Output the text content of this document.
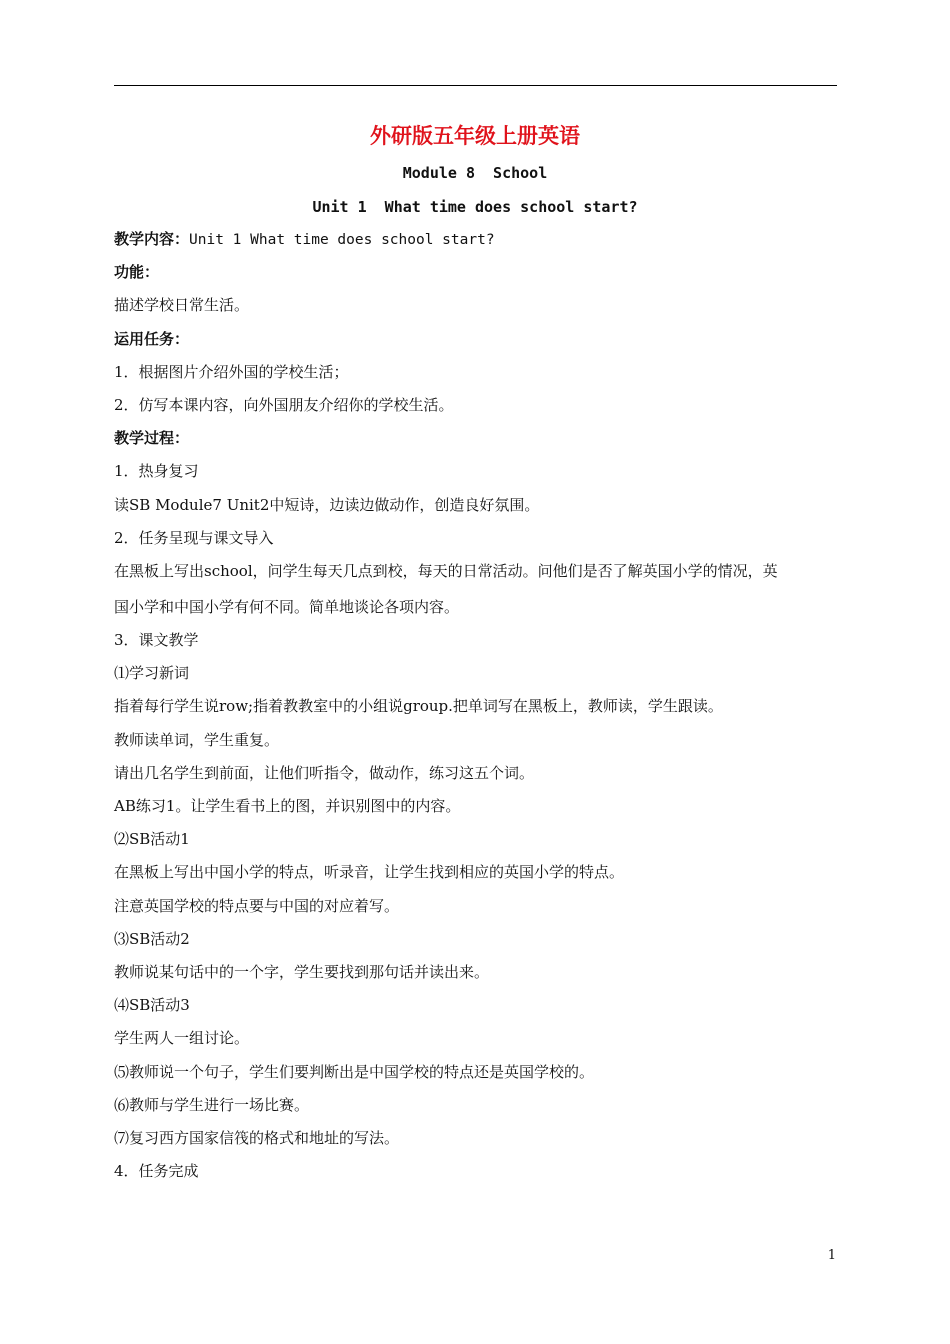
外研版五年级上册英语
Module 8  School
Unit 1  What time does school start?
教学内容：Unit 1 What time does school start?
功能：
描述学校日常生活。
运用任务：
1．根据图片介绍外国的学校生活；
2．仿写本课内容，向外国朋友介绍你的学校生活。
教学过程：
1．热身复习
读SB Module7 Unit2中短诗，边读边做动作，创造良好氛围。
2．任务呈现与课文导入
在黑板上写出school，问学生每天几点到校，每天的日常活动。问他们是否了解英国小学的情况，英
国小学和中国小学有何不同。简单地谈论各项内容。
3．课文教学
⑴学习新词
指着每行学生说row;指着教教室中的小组说group.把单词写在黑板上，教师读，学生跟读。
教师读单词，学生重复。
请出几名学生到前面，让他们听指令，做动作，练习这五个词。
AB练习1。让学生看书上的图，并识别图中的内容。
⑵SB活动1
在黑板上写出中国小学的特点，听录音，让学生找到相应的英国小学的特点。
注意英国学校的特点要与中国的对应着写。
⑶SB活动2
教师说某句话中的一个字，学生要找到那句话并读出来。
⑷SB活动3
学生两人一组讨论。
⑸教师说一个句子，学生们要判断出是中国学校的特点还是英国学校的。
⑹教师与学生进行一场比赛。
⑺复习西方国家信筏的格式和地址的写法。
4．任务完成
1
